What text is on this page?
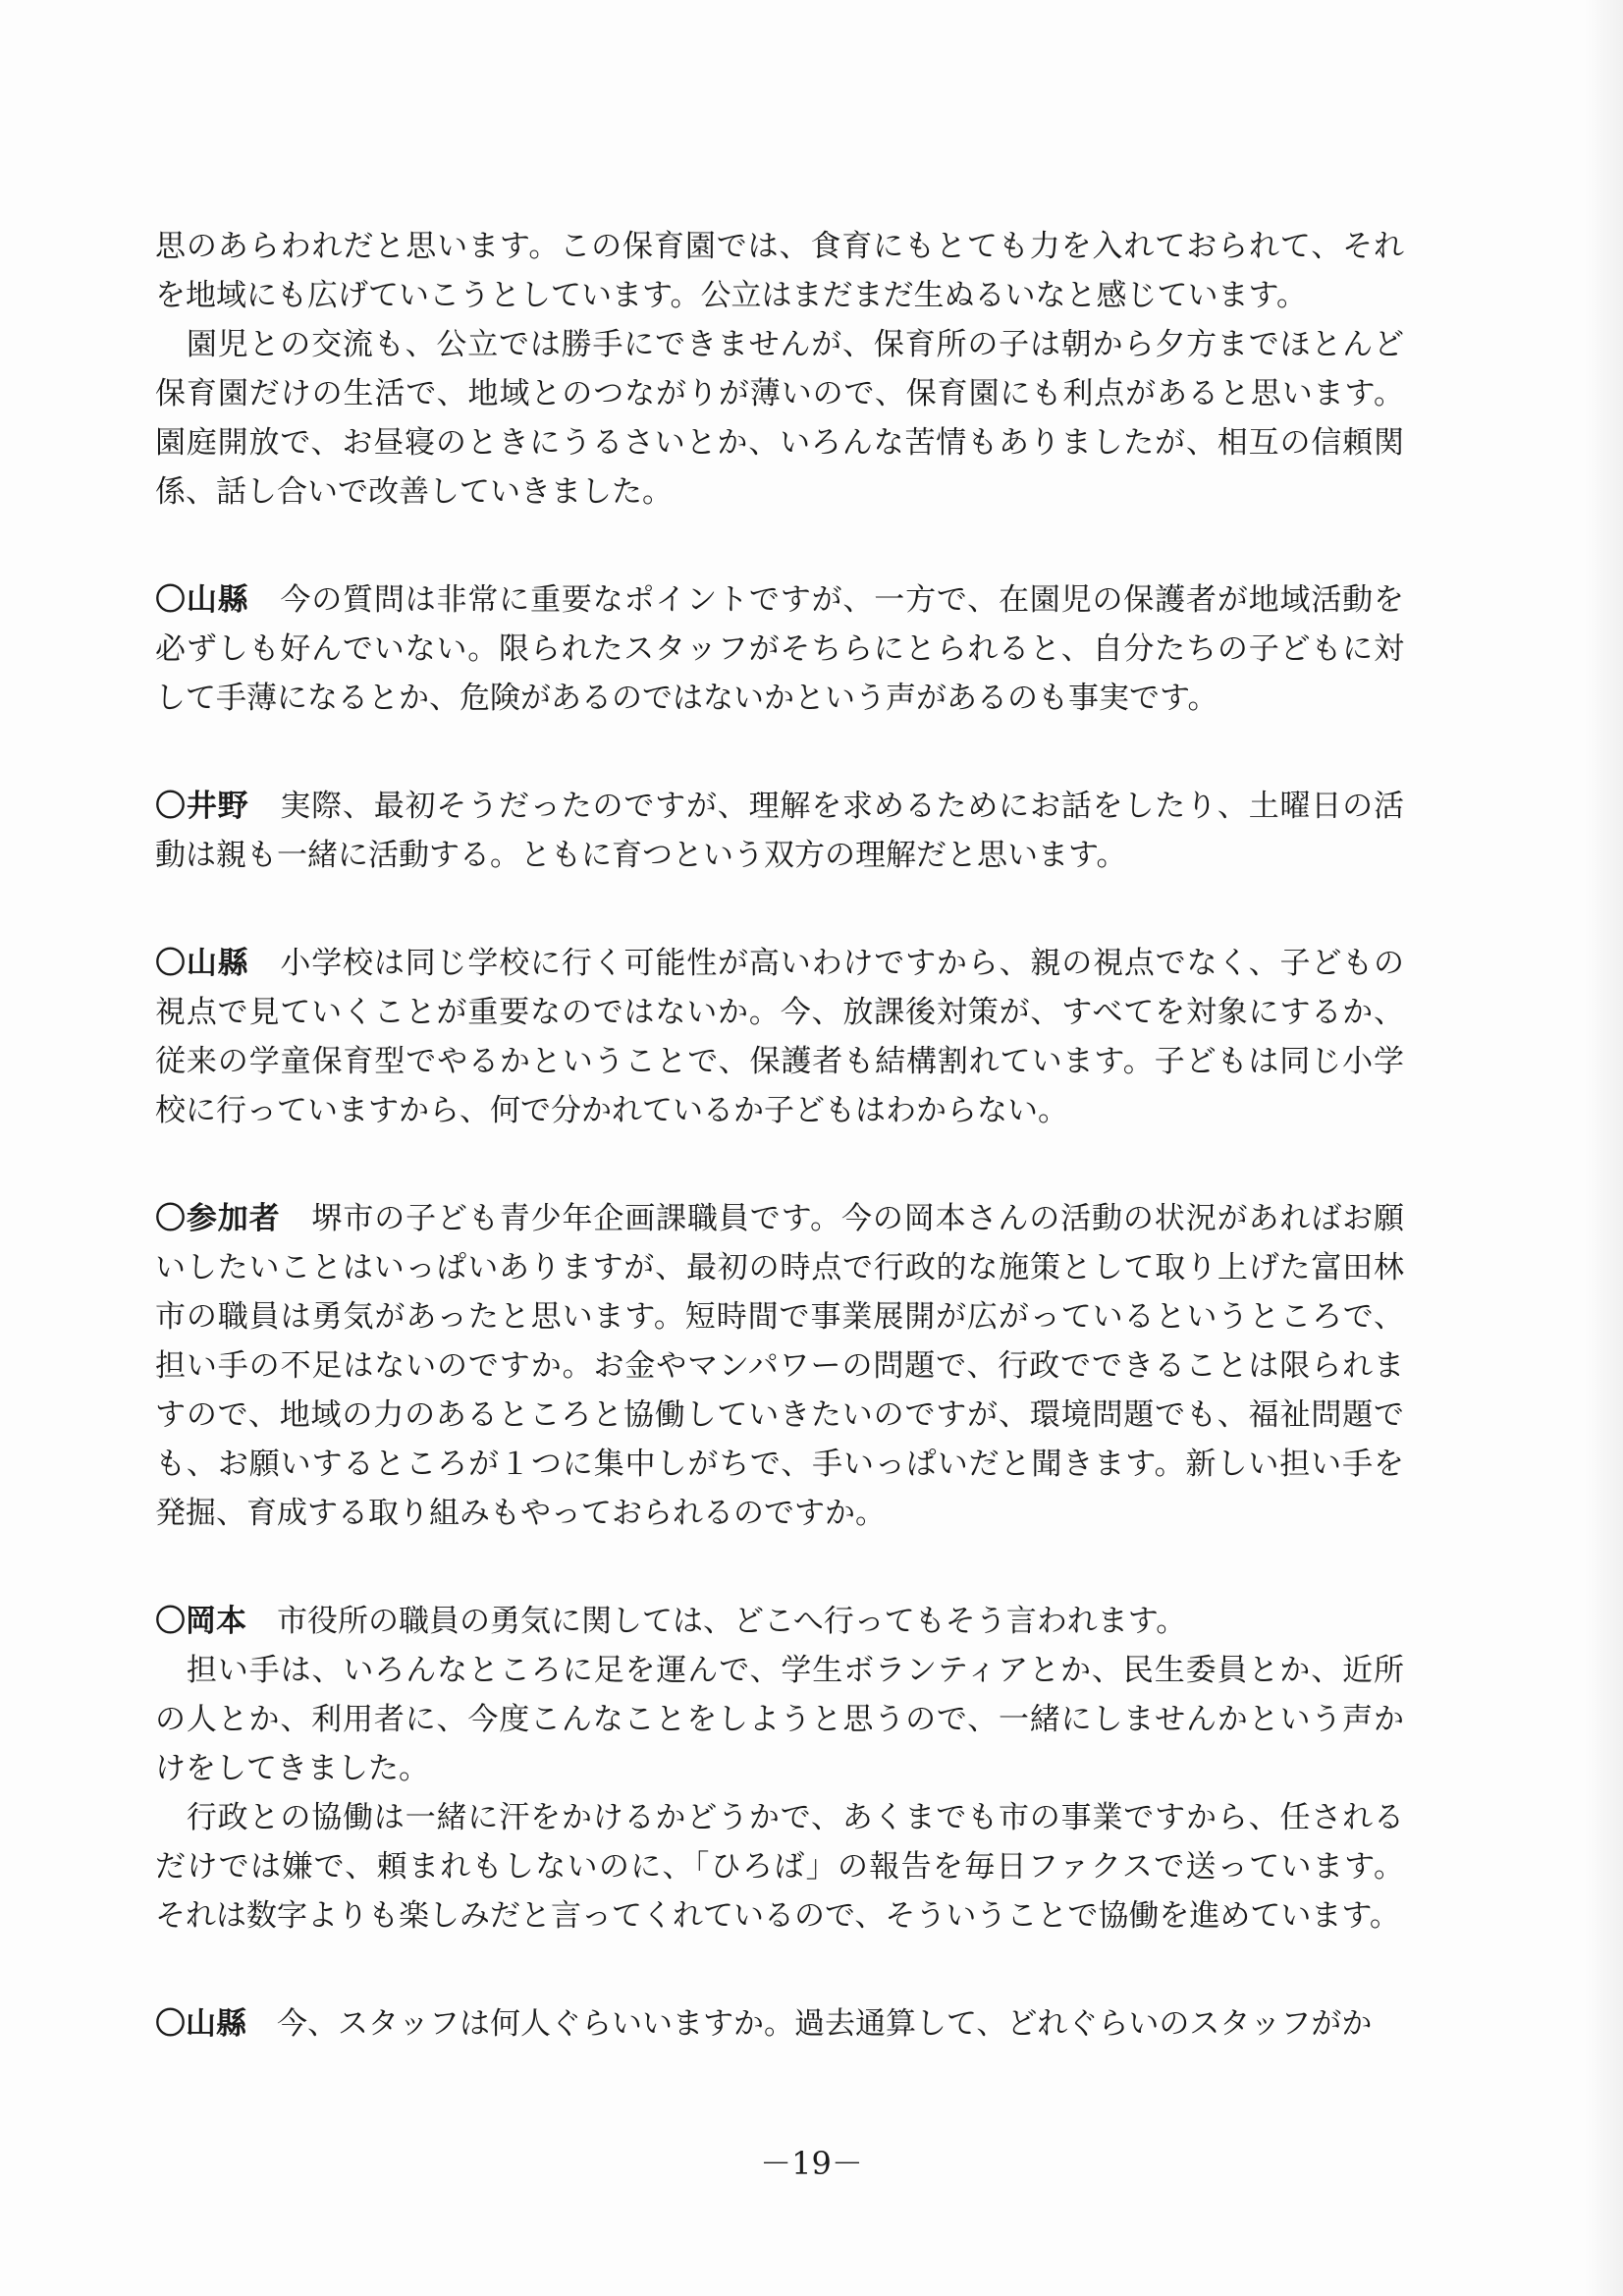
思のあらわれだと思います。この保育園では、食育にもとても力を入れておられて、それ
を地域にも広げていこうとしています。公立はまだまだ生ぬるいなと感じています。
　園児との交流も、公立では勝手にできませんが、保育所の子は朝から夕方までほとんど
保育園だけの生活で、地域とのつながりが薄いので、保育園にも利点があると思います。
園庭開放で、お昼寝のときにうるさいとか、いろんな苦情もありましたが、相互の信頼関
係、話し合いで改善していきました。
〇山縣　今の質問は非常に重要なポイントですが、一方で、在園児の保護者が地域活動を
必ずしも好んでいない。限られたスタッフがそちらにとられると、自分たちの子どもに対
して手薄になるとか、危険があるのではないかという声があるのも事実です。
〇井野　実際、最初そうだったのですが、理解を求めるためにお話をしたり、土曜日の活
動は親も一緒に活動する。ともに育つという双方の理解だと思います。
〇山縣　小学校は同じ学校に行く可能性が高いわけですから、親の視点でなく、子どもの
視点で見ていくことが重要なのではないか。今、放課後対策が、すべてを対象にするか、
従来の学童保育型でやるかということで、保護者も結構割れています。子どもは同じ小学
校に行っていますから、何で分かれているか子どもはわからない。
〇参加者　堺市の子ども青少年企画課職員です。今の岡本さんの活動の状況があればお願
いしたいことはいっぱいありますが、最初の時点で行政的な施策として取り上げた富田林
市の職員は勇気があったと思います。短時間で事業展開が広がっているというところで、
担い手の不足はないのですか。お金やマンパワーの問題で、行政でできることは限られま
すので、地域の力のあるところと協働していきたいのですが、環境問題でも、福祉問題で
も、お願いするところが１つに集中しがちで、手いっぱいだと聞きます。新しい担い手を
発掘、育成する取り組みもやっておられるのですか。
〇岡本　市役所の職員の勇気に関しては、どこへ行ってもそう言われます。
　担い手は、いろんなところに足を運んで、学生ボランティアとか、民生委員とか、近所
の人とか、利用者に、今度こんなことをしようと思うので、一緒にしませんかという声か
けをしてきました。
　行政との協働は一緒に汗をかけるかどうかで、あくまでも市の事業ですから、任される
だけでは嫌で、頼まれもしないのに、「ひろば」の報告を毎日ファクスで送っています。
それは数字よりも楽しみだと言ってくれているので、そういうことで協働を進めています。
〇山縣　今、スタッフは何人ぐらいいますか。過去通算して、どれぐらいのスタッフがか
－19－
